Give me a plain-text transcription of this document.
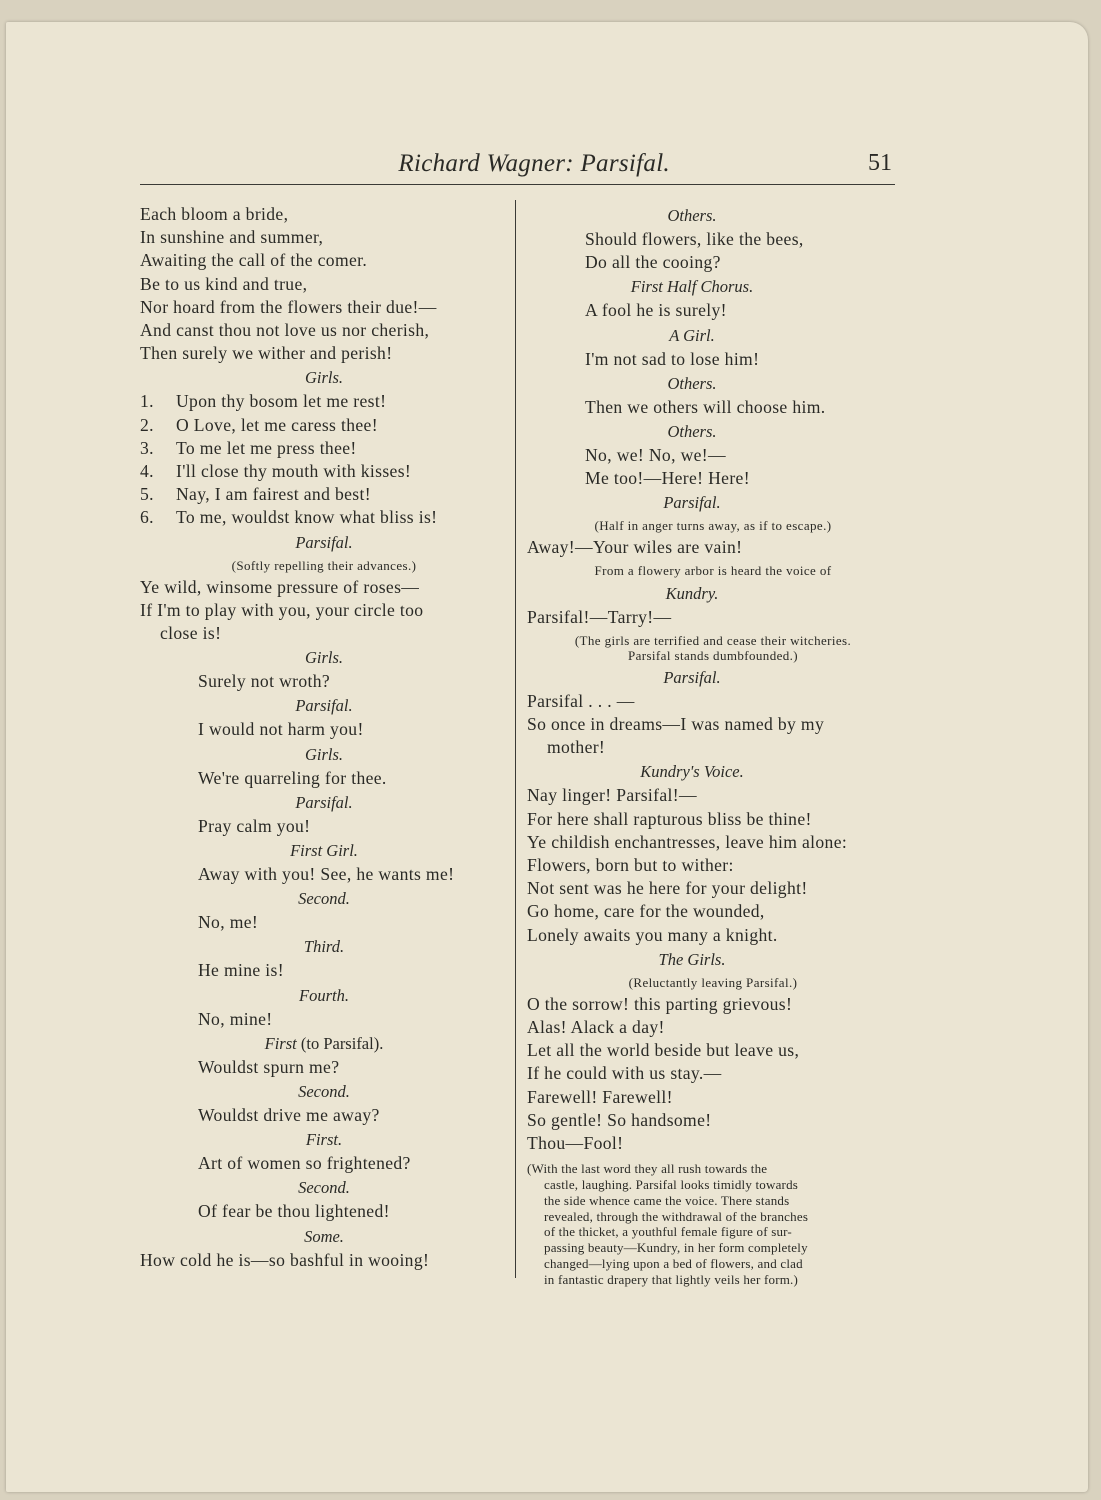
Richard Wagner: Parsifal.	51
Each bloom a bride,
In sunshine and summer,
Awaiting the call of the comer.
Be to us kind and true,
Nor hoard from the flowers their due!—
And canst thou not love us nor cherish,
Then surely we wither and perish!
Girls.
1. Upon thy bosom let me rest!
2. O Love, let me caress thee!
3. To me let me press thee!
4. I'll close thy mouth with kisses!
5. Nay, I am fairest and best!
6. To me, wouldst know what bliss is!
Parsifal.
(Softly repelling their advances.)
Ye wild, winsome pressure of roses—
If I'm to play with you, your circle too
close is!
Girls.
Surely not wroth?
Parsifal.
I would not harm you!
Girls.
We're quarreling for thee.
Parsifal.
Pray calm you!
First Girl.
Away with you! See, he wants me!
Second.
No, me!
Third.
He mine is!
Fourth.
No, mine!
First (to Parsifal).
Wouldst spurn me?
Second.
Wouldst drive me away?
First.
Art of women so frightened?
Second.
Of fear be thou lightened!
Some.
How cold he is—so bashful in wooing!
Others.
Should flowers, like the bees,
Do all the cooing?
First Half Chorus.
A fool he is surely!
A Girl.
I'm not sad to lose him!
Others.
Then we others will choose him.
Others.
No, we! No, we!—
Me too!—Here! Here!
Parsifal.
(Half in anger turns away, as if to escape.)
Away!—Your wiles are vain!
From a flowery arbor is heard the voice of
Kundry.
Parsifal!—Tarry!—
(The girls are terrified and cease their witcheries.
Parsifal stands dumbfounded.)
Parsifal.
Parsifal . . . —
So once in dreams—I was named by my
mother!
Kundry's Voice.
Nay linger! Parsifal!—
For here shall rapturous bliss be thine!
Ye childish enchantresses, leave him alone:
Flowers, born but to wither:
Not sent was he here for your delight!
Go home, care for the wounded,
Lonely awaits you many a knight.
The Girls.
(Reluctantly leaving Parsifal.)
O the sorrow! this parting grievous!
Alas! Alack a day!
Let all the world beside but leave us,
If he could with us stay.—
Farewell! Farewell!
So gentle! So handsome!
Thou—Fool!
(With the last word they all rush towards the
castle, laughing. Parsifal looks timidly towards
the side whence came the voice. There stands
revealed, through the withdrawal of the branches
of the thicket, a youthful female figure of sur-
passing beauty—Kundry, in her form completely
changed—lying upon a bed of flowers, and clad
in fantastic drapery that lightly veils her form.)
